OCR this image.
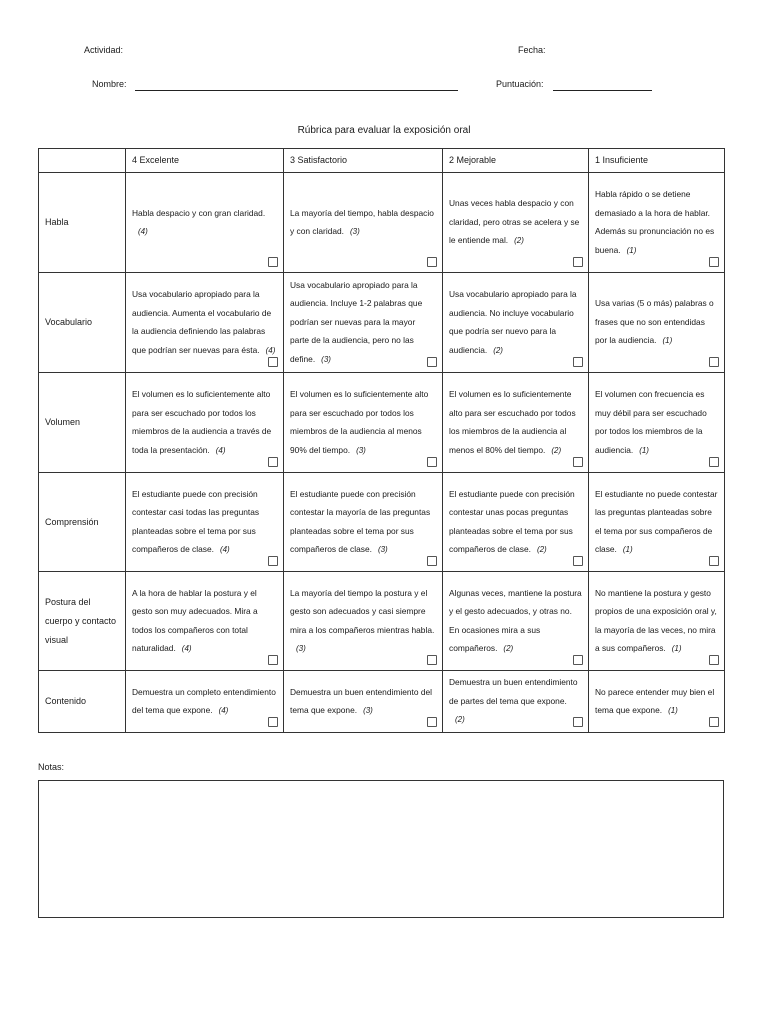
Actividad:	Fecha:
Nombre:	Puntuación:
Rúbrica para evaluar la exposición oral
	4 Excelente	3 Satisfactorio	2 Mejorable	1 Insuficiente
Habla	Habla despacio y con gran claridad.(4)	La mayoría del tiempo, habla despacio y con claridad. (3)	Unas veces habla despacio y con claridad, pero otras se acelera y se le entiende mal. (2)	Habla rápido o se detiene demasiado a la hora de hablar. Además su pronunciación no es buena. (1)

Vocabulario	Usa vocabulario apropiado para la audiencia. Aumenta el vocabulario de la audiencia definiendo las palabras que podrían ser nuevas para ésta. (4)	Usa vocabulario apropiado para la audiencia. Incluye 1-2 palabras que podrían ser nuevas para la mayor parte de la audiencia, pero no las define. (3)	Usa vocabulario apropiado para la audiencia. No incluye vocabulario que podría ser nuevo para la audiencia. (2)	Usa varias (5 o más) palabras o frases que no son entendidas por la audiencia. (1)

Volumen	El volumen es lo suficientemente alto para ser escuchado por todos los miembros de la audiencia a través de toda la presentación. (4)	El volumen es lo suficientemente alto para ser escuchado por todos los miembros de la audiencia al menos 90% del tiempo. (3)	El volumen es lo suficientemente alto para ser escuchado por todos los miembros de la audiencia al menos el 80% del tiempo. (2)	El volumen con frecuencia es muy débil para ser escuchado por todos los miembros de la audiencia. (1)

Comprensión	El estudiante puede con precisión contestar casi todas las preguntas planteadas sobre el tema por sus compañeros de clase. (4)	El estudiante puede con precisión contestar la mayoría de las preguntas planteadas sobre el tema por sus compañeros de clase. (3)	El estudiante puede con precisión contestar unas pocas preguntas planteadas sobre el tema por sus compañeros de clase. (2)	El estudiante no puede contestar las preguntas planteadas sobre el tema por sus compañeros de clase. (1)

Postura del cuerpo y contacto visual	A la hora de hablar la postura y el gesto son muy adecuados. Mira a todos los compañeros con total naturalidad. (4)	La mayoría del tiempo la postura y el gesto son adecuados y casi siempre mira a los compañeros mientras habla.(3)	Algunas veces, mantiene la postura y el gesto adecuados, y otras no. En ocasiones mira a sus compañeros. (2)	No mantiene la postura y gesto propios de una exposición oral y, la mayoría de las veces, no mira a sus compañeros. (1)

Contenido	Demuestra un completo entendimiento del tema que expone. (4)	Demuestra un buen entendimiento del tema que expone. (3)	Demuestra un buen entendimiento de partes del tema que expone.(2)	No parece entender muy bien el tema que expone. (1)
Notas:
